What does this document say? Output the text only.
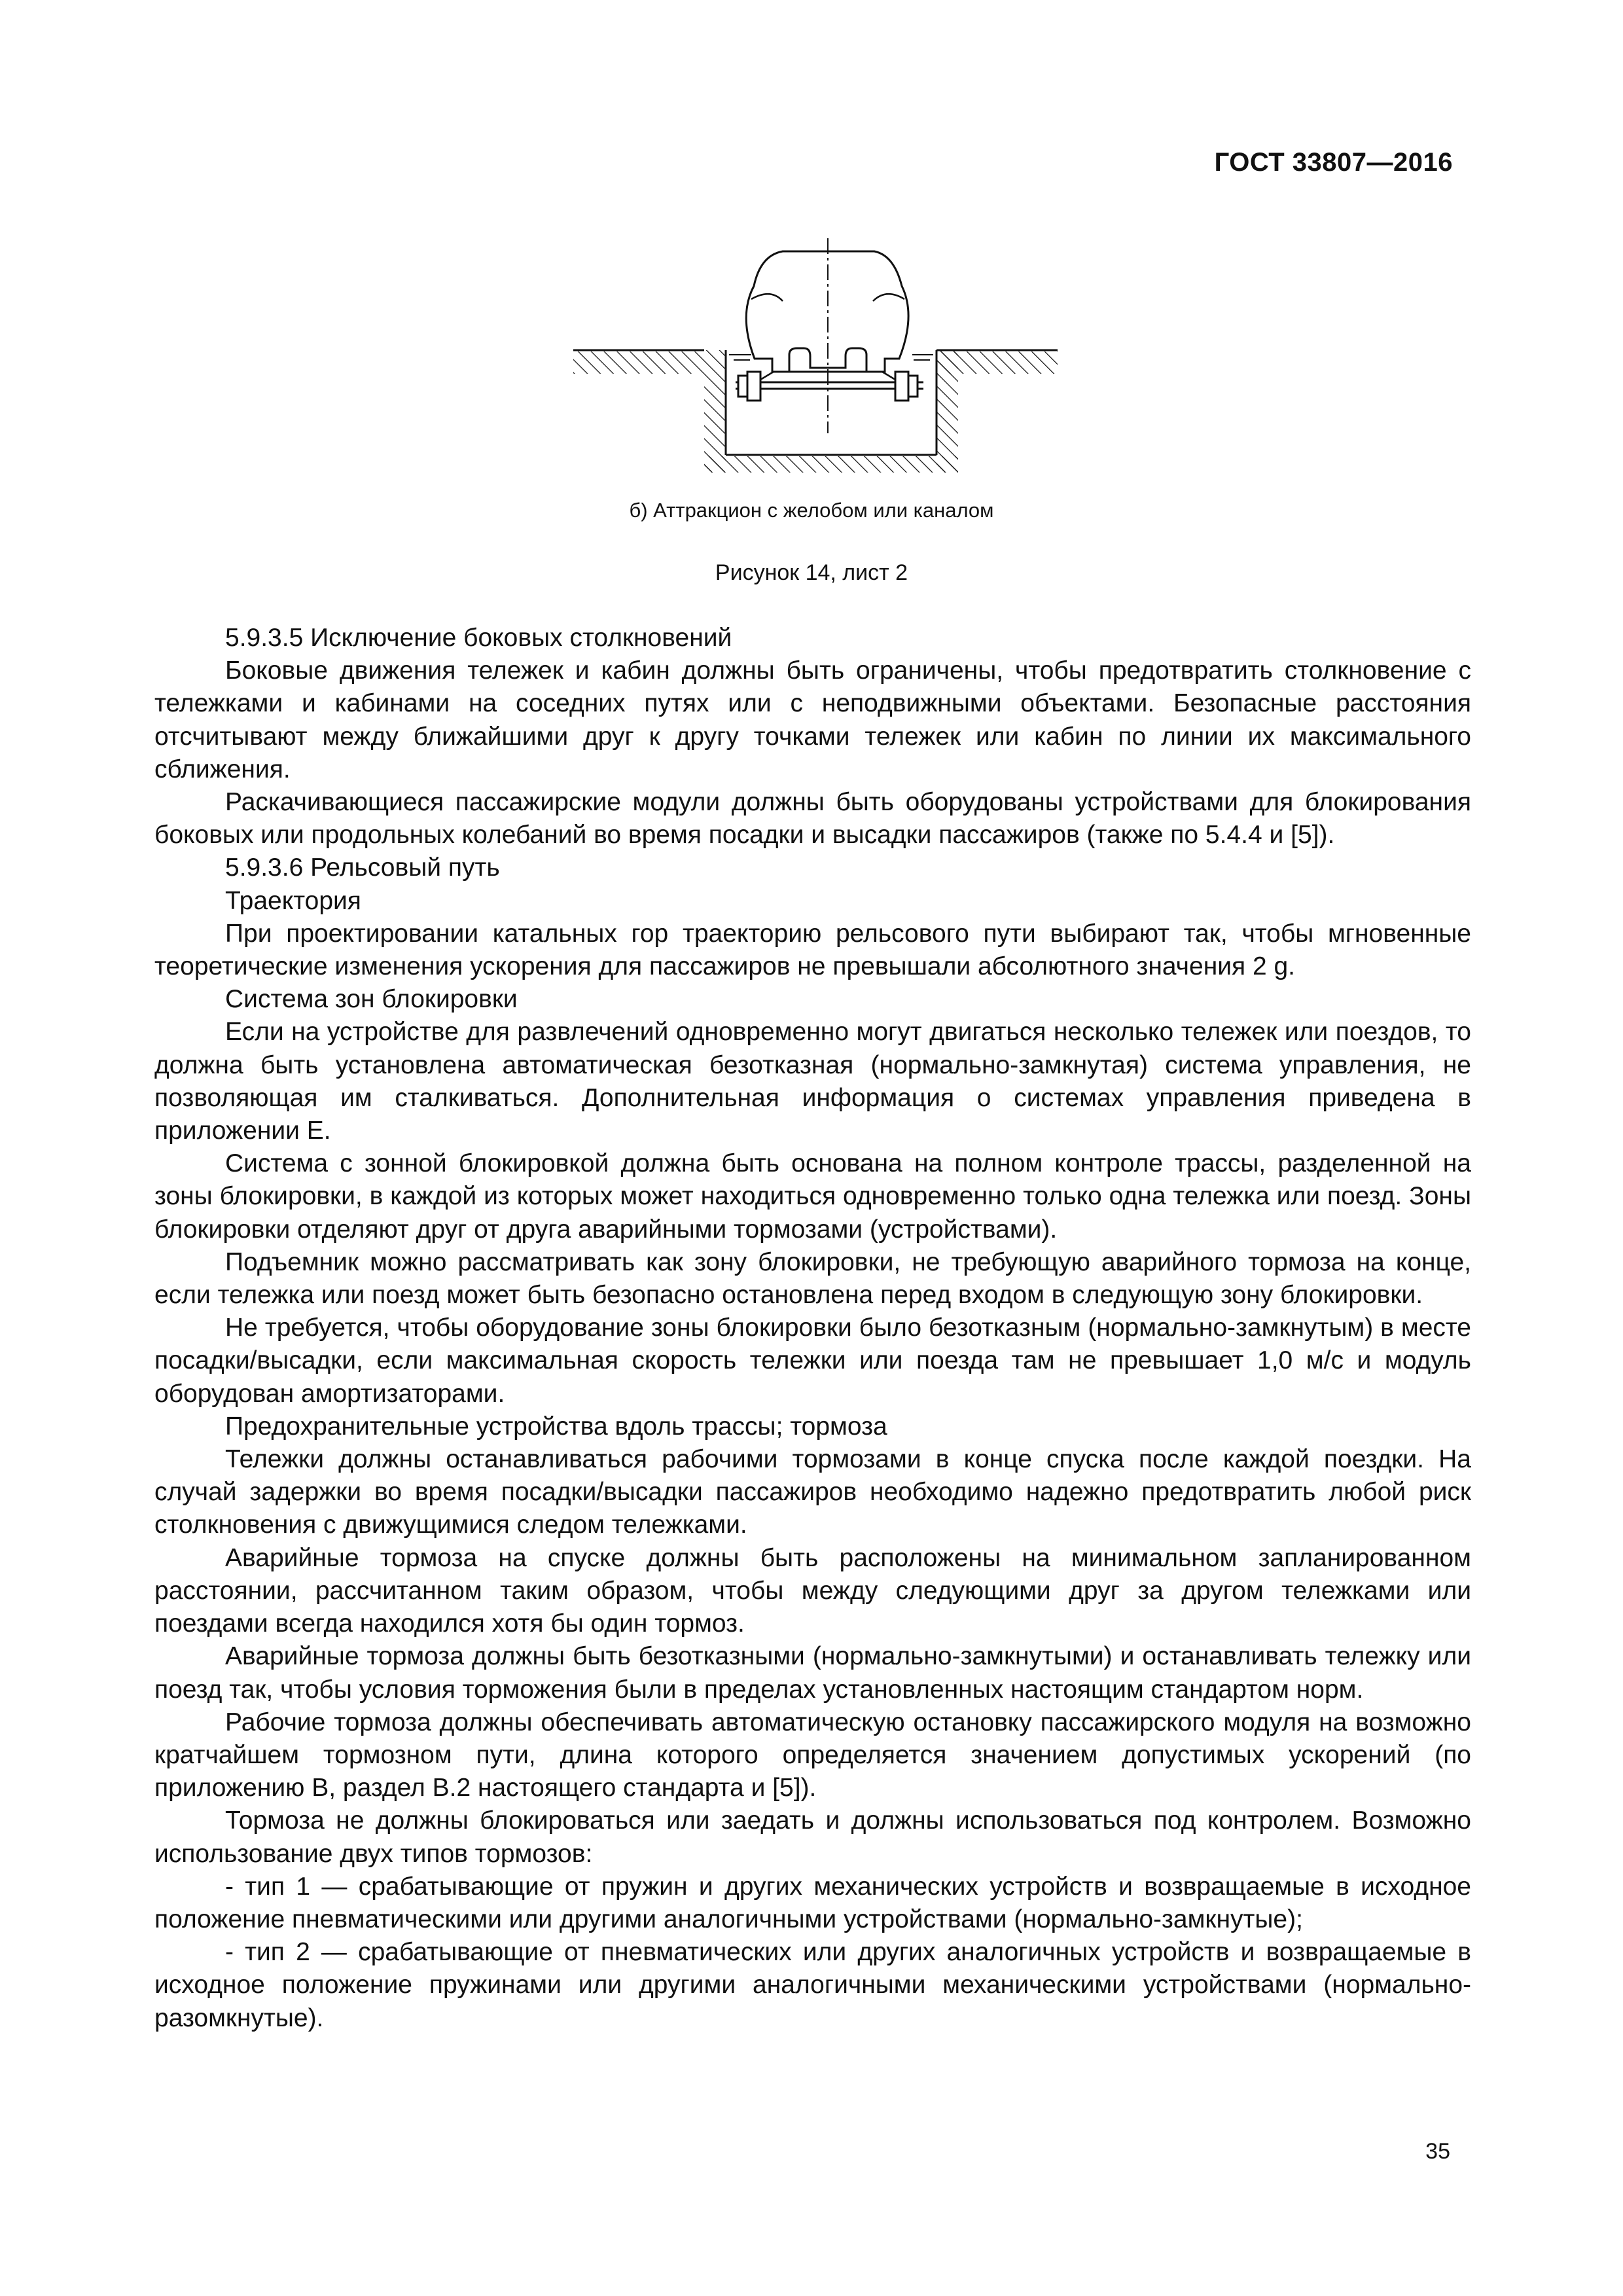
ГОСТ 33807—2016
б) Аттракцион с желобом или каналом
Рисунок 14, лист 2

5.9.3.5 Исключение боковых столкновений

Боковые движения тележек и кабин должны быть ограничены, чтобы предотвратить столкновение с тележками и кабинами на соседних путях или с неподвижными объектами. Безопасные расстояния отсчитывают между ближайшими друг к другу точками тележек или кабин по линии их максимального сближения.

Раскачивающиеся пассажирские модули должны быть оборудованы устройствами для блокирования боковых или продольных колебаний во время посадки и высадки пассажиров (также по 5.4.4 и [5]).

5.9.3.6 Рельсовый путь

Траектория

При проектировании катальных гор траекторию рельсового пути выбирают так, чтобы мгновенные теоретические изменения ускорения для пассажиров не превышали абсолютного значения 2 g.

Система зон блокировки

Если на устройстве для развлечений одновременно могут двигаться несколько тележек или поездов, то должна быть установлена автоматическая безотказная (нормально-замкнутая) система управления, не позволяющая им сталкиваться. Дополнительная информация о системах управления приведена в приложении Е.

Система с зонной блокировкой должна быть основана на полном контроле трассы, разделенной на зоны блокировки, в каждой из которых может находиться одновременно только одна тележка или поезд. Зоны блокировки отделяют друг от друга аварийными тормозами (устройствами).

Подъемник можно рассматривать как зону блокировки, не требующую аварийного тормоза на конце, если тележка или поезд может быть безопасно остановлена перед входом в следующую зону блокировки.

Не требуется, чтобы оборудование зоны блокировки было безотказным (нормально-замкнутым) в месте посадки/высадки, если максимальная скорость тележки или поезда там не превышает 1,0 м/с и модуль оборудован амортизаторами.

Предохранительные устройства вдоль трассы; тормоза

Тележки должны останавливаться рабочими тормозами в конце спуска после каждой поездки. На случай задержки во время посадки/высадки пассажиров необходимо надежно предотвратить любой риск столкновения с движущимися следом тележками.

Аварийные тормоза на спуске должны быть расположены на минимальном запланированном расстоянии, рассчитанном таким образом, чтобы между следующими друг за другом тележками или поездами всегда находился хотя бы один тормоз.

Аварийные тормоза должны быть безотказными (нормально-замкнутыми) и останавливать тележку или поезд так, чтобы условия торможения были в пределах установленных настоящим стандартом норм.

Рабочие тормоза должны обеспечивать автоматическую остановку пассажирского модуля на возможно кратчайшем тормозном пути, длина которого определяется значением допустимых ускорений (по приложению В, раздел В.2 настоящего стандарта и [5]).

Тормоза не должны блокироваться или заедать и должны использоваться под контролем. Возможно использование двух типов тормозов:

- тип 1 — срабатывающие от пружин и других механических устройств и возвращаемые в исходное положение пневматическими или другими аналогичными устройствами (нормально-замкнутые);

- тип 2 — срабатывающие от пневматических или других аналогичных устройств и возвращаемые в исходное положение пружинами или другими аналогичными механическими устройствами (нормально-разомкнутые).

35
